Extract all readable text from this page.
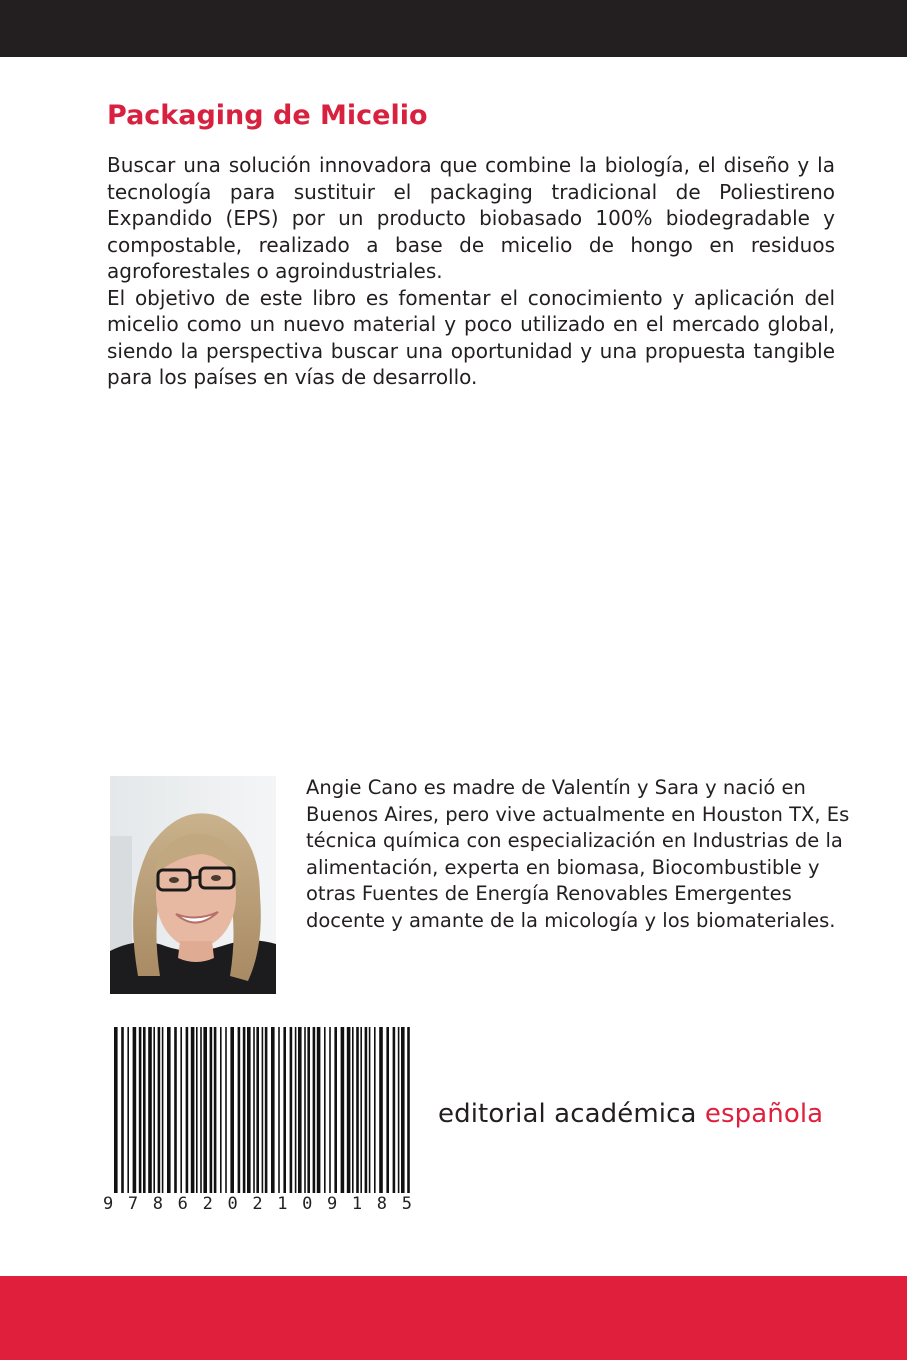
Packaging de Micelio

Buscar una solución innovadora que combine la biología, el diseño y la tecnología para sustituir el packaging tradicional de Poliestireno Expandido (EPS) por un producto biobasado 100% biodegradable y compostable, realizado a base de micelio de hongo en residuos agroforestales o agroindustriales.

El objetivo de este libro es fomentar el conocimiento y aplicación del micelio como un nuevo material y poco utilizado en el mercado global, siendo la perspectiva buscar una oportunidad y una propuesta tangible para los países en vías de desarrollo.

Angie Cano es madre de Valentín y Sara y nació en Buenos Aires, pero vive actualmente en Houston TX, Es técnica química con especialización en Industrias de la alimentación, experta en biomasa, Biocombustible y otras Fuentes de Energía Renovables Emergentes docente y amante de la micología y los biomateriales.

9 7 8 6 2 0 2 1 0 9 1 8 5
editorial académica española
